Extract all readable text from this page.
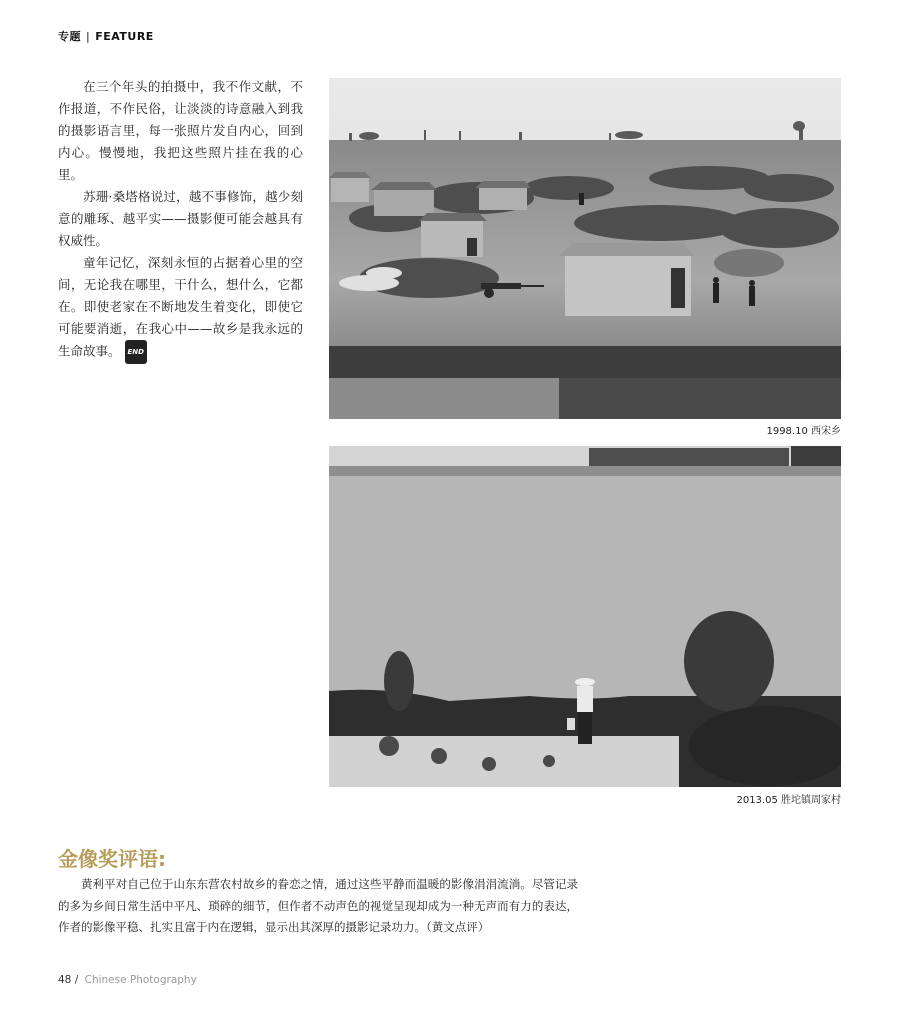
专题 | FEATURE

在三个年头的拍摄中，我不作文献，不作报道，不作民俗，让淡淡的诗意融入到我的摄影语言里，每一张照片发自内心，回到内心。慢慢地，我把这些照片挂在我的心里。

苏珊·桑塔格说过，越不事修饰，越少刻意的雕琢、越平实——摄影便可能会越具有权威性。

童年记忆，深刻永恒的占据着心里的空间，无论我在哪里，干什么，想什么，它都在。即使老家在不断地发生着变化，即使它可能要消逝，在我心中——故乡是我永远的生命故事。 END

1998.10 西宋乡
2013.05 胜坨镇周家村
金像奖评语:

黄利平对自己位于山东东营农村故乡的眷恋之情，通过这些平静而温暖的影像涓涓流淌。尽管记录的多为乡间日常生活中平凡、琐碎的细节，但作者不动声色的视觉呈现却成为一种无声而有力的表达，作者的影像平稳、扎实且富于内在逻辑，显示出其深厚的摄影记录功力。（黄文点评）

48 / Chinese Photography
